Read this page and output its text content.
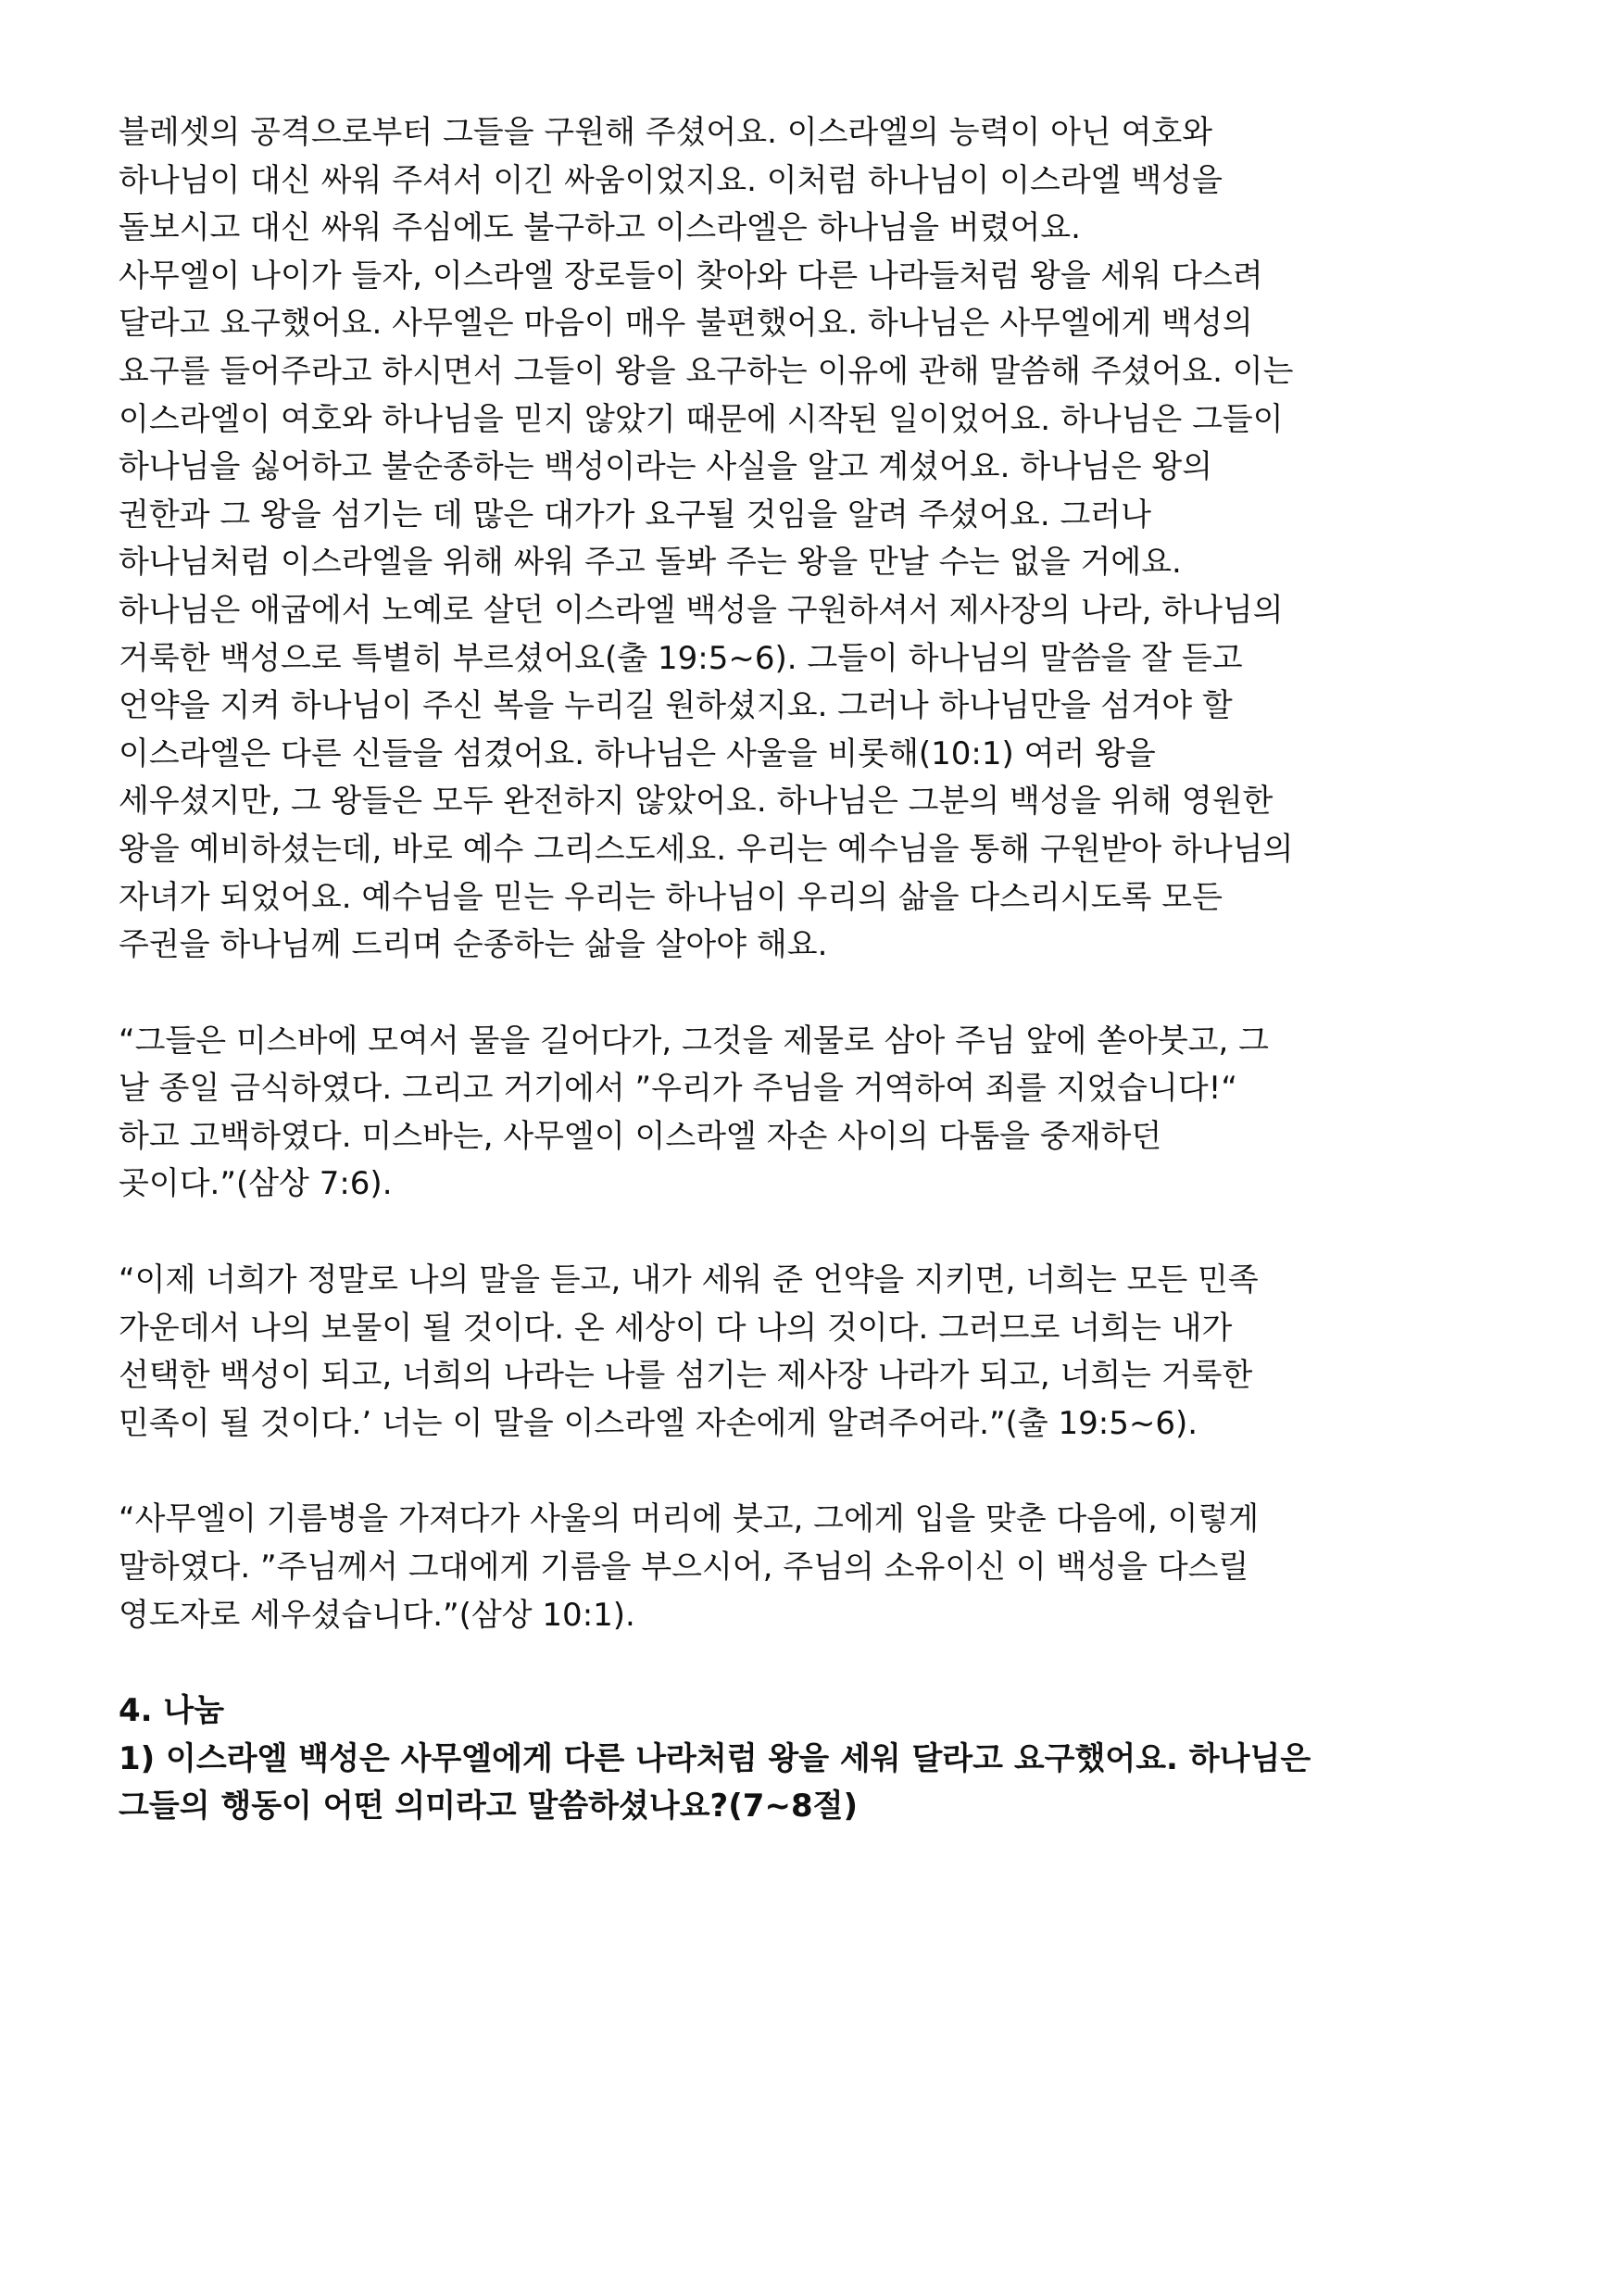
블레셋의 공격으로부터 그들을 구원해 주셨어요. 이스라엘의 능력이 아닌 여호와
하나님이 대신 싸워 주셔서 이긴 싸움이었지요. 이처럼 하나님이 이스라엘 백성을
돌보시고 대신 싸워 주심에도 불구하고 이스라엘은 하나님을 버렸어요.
사무엘이 나이가 들자, 이스라엘 장로들이 찾아와 다른 나라들처럼 왕을 세워 다스려
달라고 요구했어요. 사무엘은 마음이 매우 불편했어요. 하나님은 사무엘에게 백성의
요구를 들어주라고 하시면서 그들이 왕을 요구하는 이유에 관해 말씀해 주셨어요. 이는
이스라엘이 여호와 하나님을 믿지 않았기 때문에 시작된 일이었어요. 하나님은 그들이
하나님을 싫어하고 불순종하는 백성이라는 사실을 알고 계셨어요. 하나님은 왕의
권한과 그 왕을 섬기는 데 많은 대가가 요구될 것임을 알려 주셨어요. 그러나
하나님처럼 이스라엘을 위해 싸워 주고 돌봐 주는 왕을 만날 수는 없을 거에요.
하나님은 애굽에서 노예로 살던 이스라엘 백성을 구원하셔서 제사장의 나라, 하나님의
거룩한 백성으로 특별히 부르셨어요(출 19:5~6). 그들이 하나님의 말씀을 잘 듣고
언약을 지켜 하나님이 주신 복을 누리길 원하셨지요. 그러나 하나님만을 섬겨야 할
이스라엘은 다른 신들을 섬겼어요. 하나님은 사울을 비롯해(10:1) 여러 왕을
세우셨지만, 그 왕들은 모두 완전하지 않았어요. 하나님은 그분의 백성을 위해 영원한
왕을 예비하셨는데, 바로 예수 그리스도세요. 우리는 예수님을 통해 구원받아 하나님의
자녀가 되었어요. 예수님을 믿는 우리는 하나님이 우리의 삶을 다스리시도록 모든
주권을 하나님께 드리며 순종하는 삶을 살아야 해요.
“그들은 미스바에 모여서 물을 길어다가, 그것을 제물로 삼아 주님 앞에 쏟아붓고, 그
날 종일 금식하였다. 그리고 거기에서 ”우리가 주님을 거역하여 죄를 지었습니다!“
하고 고백하였다. 미스바는, 사무엘이 이스라엘 자손 사이의 다툼을 중재하던
곳이다.”(삼상 7:6).
“이제 너희가 정말로 나의 말을 듣고, 내가 세워 준 언약을 지키면, 너희는 모든 민족
가운데서 나의 보물이 될 것이다. 온 세상이 다 나의 것이다. 그러므로 너희는 내가
선택한 백성이 되고, 너희의 나라는 나를 섬기는 제사장 나라가 되고, 너희는 거룩한
민족이 될 것이다.’ 너는 이 말을 이스라엘 자손에게 알려주어라.”(출 19:5~6).
“사무엘이 기름병을 가져다가 사울의 머리에 붓고, 그에게 입을 맞춘 다음에, 이렇게
말하였다. ”주님께서 그대에게 기름을 부으시어, 주님의 소유이신 이 백성을 다스릴
영도자로 세우셨습니다.”(삼상 10:1).
4. 나눔
1) 이스라엘 백성은 사무엘에게 다른 나라처럼 왕을 세워 달라고 요구했어요. 하나님은
그들의 행동이 어떤 의미라고 말씀하셨나요?(7~8절)
